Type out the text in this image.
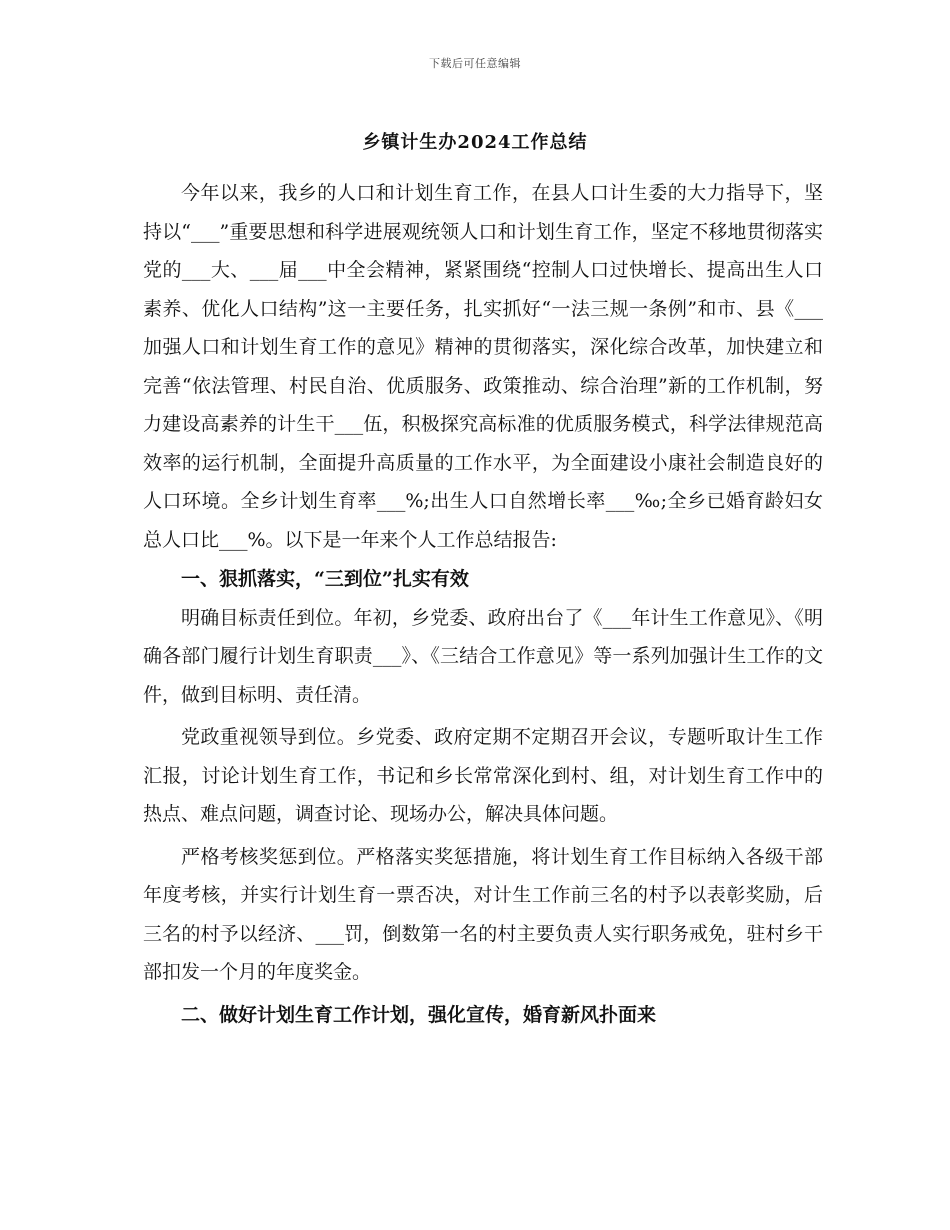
下载后可任意编辑
乡镇计生办2024工作总结

今年以来，我乡的人口和计划生育工作，在县人口计生委的大力指导下，坚持以“___”重要思想和科学进展观统领人口和计划生育工作，坚定不移地贯彻落实党的___大、___届___中全会精神，紧紧围绕“控制人口过快增长、提高出生人口素养、优化人口结构”这一主要任务，扎实抓好“一法三规一条例”和市、县《___加强人口和计划生育工作的意见》精神的贯彻落实，深化综合改革，加快建立和完善“依法管理、村民自治、优质服务、政策推动、综合治理”新的工作机制，努力建设高素养的计生干___伍，积极探究高标准的优质服务模式，科学法律规范高效率的运行机制，全面提升高质量的工作水平，为全面建设小康社会制造良好的人口环境。全乡计划生育率___%;出生人口自然增长率___‰;全乡已婚育龄妇女总人口比___%。以下是一年来个人工作总结报告:

一、狠抓落实，“三到位”扎实有效

明确目标责任到位。年初，乡党委、政府出台了《___年计生工作意见》、《明确各部门履行计划生育职责___》、《三结合工作意见》等一系列加强计生工作的文件，做到目标明、责任清。

党政重视领导到位。乡党委、政府定期不定期召开会议，专题听取计生工作汇报，讨论计划生育工作，书记和乡长常常深化到村、组，对计划生育工作中的热点、难点问题，调查讨论、现场办公，解决具体问题。

严格考核奖惩到位。严格落实奖惩措施，将计划生育工作目标纳入各级干部年度考核，并实行计划生育一票否决，对计生工作前三名的村予以表彰奖励，后三名的村予以经济、___罚，倒数第一名的村主要负责人实行职务戒免，驻村乡干部扣发一个月的年度奖金。

二、做好计划生育工作计划，强化宣传，婚育新风扑面来
